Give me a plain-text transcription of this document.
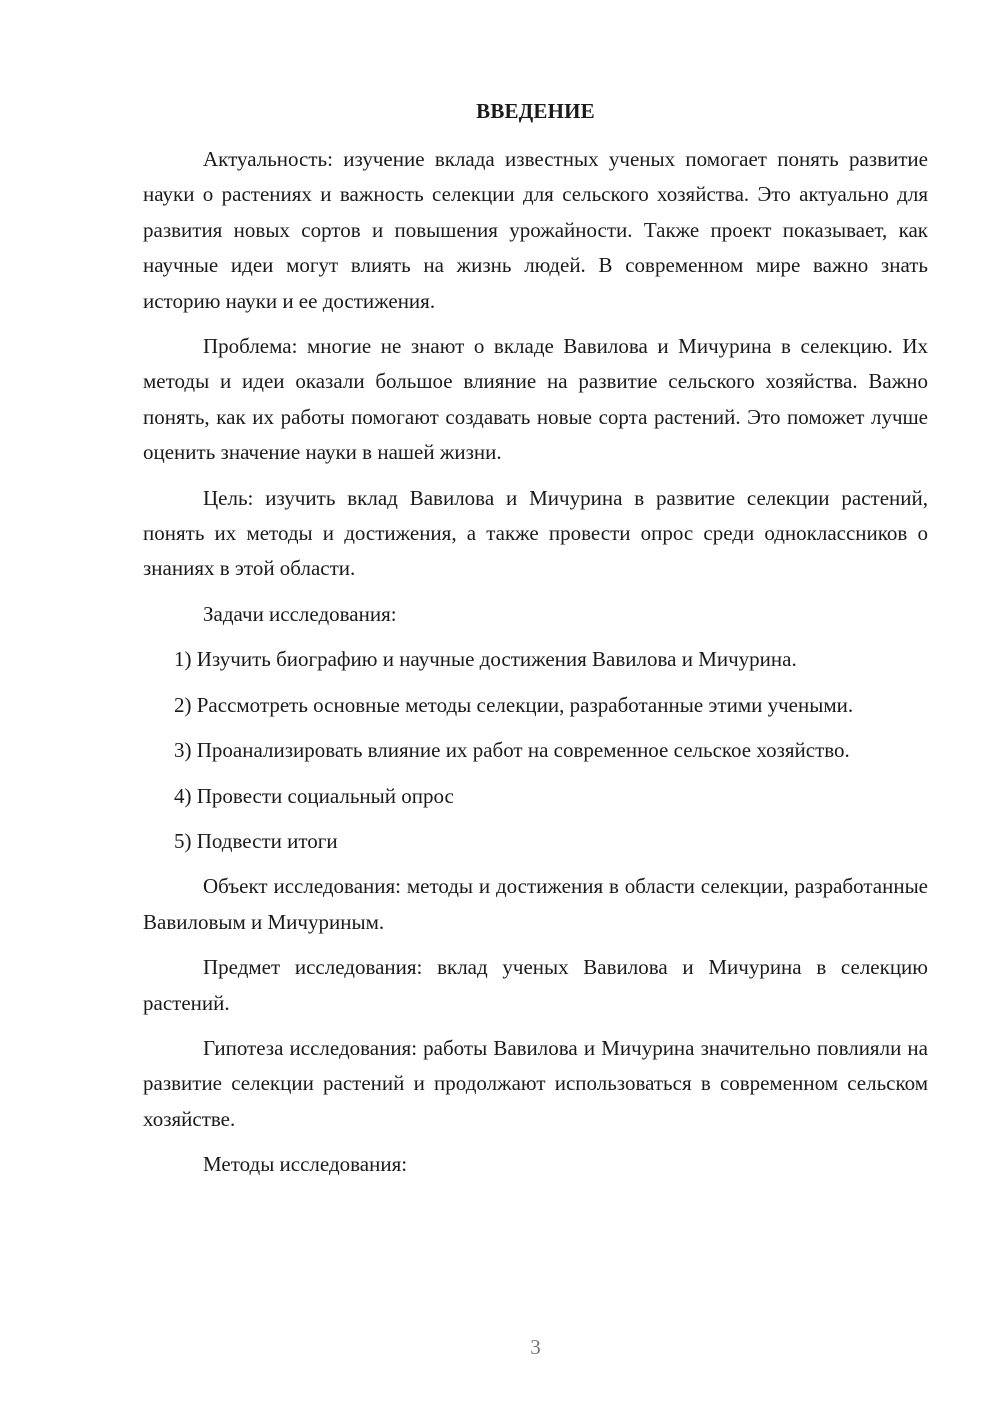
ВВЕДЕНИЕ

Актуальность: изучение вклада известных ученых помогает понять развитие науки о растениях и важность селекции для сельского хозяйства. Это актуально для развития новых сортов и повышения урожайности. Также проект показывает, как научные идеи могут влиять на жизнь людей. В современном мире важно знать историю науки и ее достижения.

Проблема: многие не знают о вкладе Вавилова и Мичурина в селекцию. Их методы и идеи оказали большое влияние на развитие сельского хозяйства. Важно понять, как их работы помогают создавать новые сорта растений. Это поможет лучше оценить значение науки в нашей жизни.

Цель: изучить вклад Вавилова и Мичурина в развитие селекции растений, понять их методы и достижения, а также провести опрос среди одноклассников о знаниях в этой области.

Задачи исследования:

1) Изучить биографию и научные достижения Вавилова и Мичурина.

2) Рассмотреть основные методы селекции, разработанные этими учеными.

3) Проанализировать влияние их работ на современное сельское хозяйство.

4) Провести социальный опрос

5) Подвести итоги

Объект исследования: методы и достижения в области селекции, разработанные Вавиловым и Мичуриным.

Предмет исследования: вклад ученых Вавилова и Мичурина в селекцию растений.

Гипотеза исследования: работы Вавилова и Мичурина значительно повлияли на развитие селекции растений и продолжают использоваться в современном сельском хозяйстве.

Методы исследования:

3
